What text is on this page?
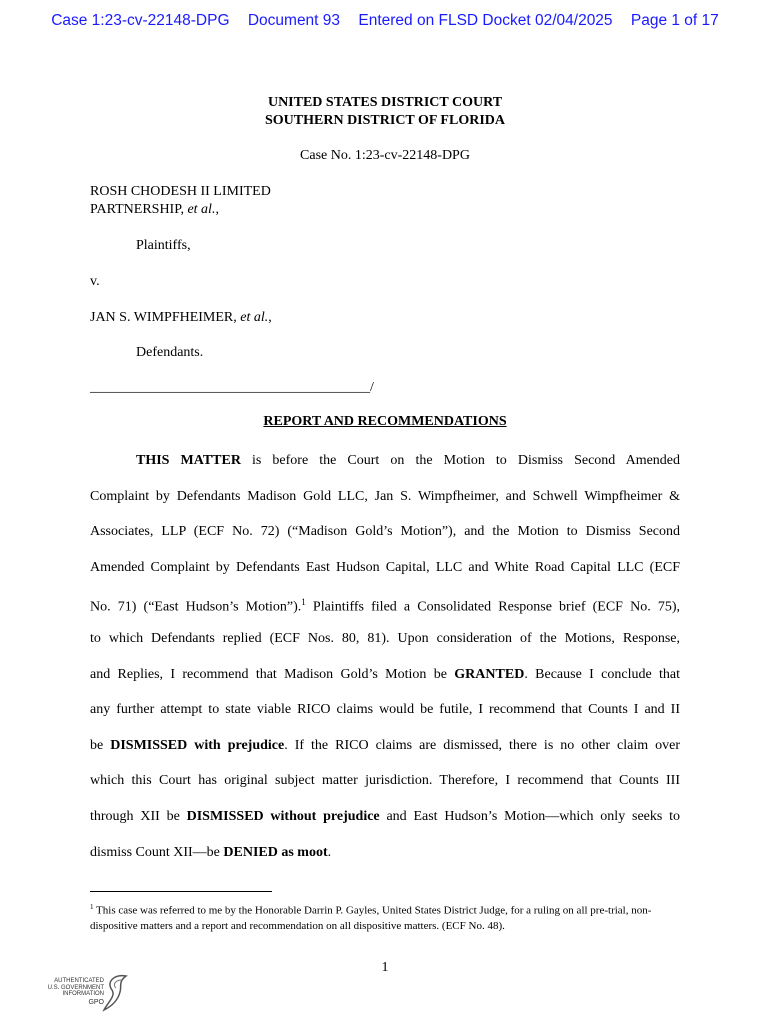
Case 1:23-cv-22148-DPG Document 93 Entered on FLSD Docket 02/04/2025 Page 1 of 17
UNITED STATES DISTRICT COURT
SOUTHERN DISTRICT OF FLORIDA
Case No. 1:23-cv-22148-DPG
ROSH CHODESH II LIMITED
PARTNERSHIP, et al.,
Plaintiffs,
v.
JAN S. WIMPFHEIMER, et al.,
Defendants.
________________________________________/
REPORT AND RECOMMENDATIONS
THIS MATTER is before the Court on the Motion to Dismiss Second Amended
Complaint by Defendants Madison Gold LLC, Jan S. Wimpfheimer, and Schwell Wimpfheimer &
Associates, LLP (ECF No. 72) (“Madison Gold’s Motion”), and the Motion to Dismiss Second
Amended Complaint by Defendants East Hudson Capital, LLC and White Road Capital LLC (ECF
No. 71) (“East Hudson’s Motion”).$^1$ Plaintiffs filed a Consolidated Response brief (ECF No. 75),
to which Defendants replied (ECF Nos. 80, 81). Upon consideration of the Motions, Response,
and Replies, I recommend that Madison Gold’s Motion be GRANTED. Because I conclude that
any further attempt to state viable RICO claims would be futile, I recommend that Counts I and II
be DISMISSED with prejudice. If the RICO claims are dismissed, there is no other claim over
which this Court has original subject matter jurisdiction. Therefore, I recommend that Counts III
through XII be DISMISSED without prejudice and East Hudson’s Motion—which only seeks to
dismiss Count XII—be DENIED as moot.
$^1$ This case was referred to me by the Honorable Darrin P. Gayles, United States District Judge, for a ruling on all pre-trial, non-dispositive matters and a report and recommendation on all dispositive matters. (ECF No. 48).
1
AUTHENTICATED
U.S. GOVERNMENT
INFORMATION
GPO
